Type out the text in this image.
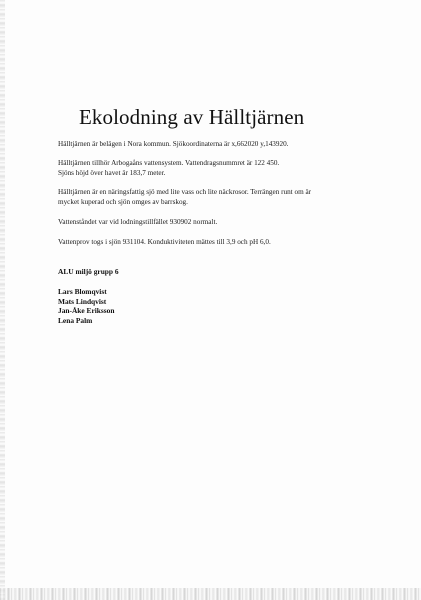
Ekolodning av Hälltjärnen
Hälltjärnen är belägen i Nora kommun. Sjökoordinaterna är x,662020 y,143920.
Hälltjärnen tillhör Arbogaåns vattensystem. Vattendragsnummret är 122 450.
Sjöns höjd över havet är 183,7 meter.
Hälltjärnen är en näringsfattig sjö med lite vass och lite näckrosor. Terrängen runt om är
mycket kuperad och sjön omges av barrskog.
Vattenståndet var vid lodningstillfället 930902 normalt.
Vattenprov togs i sjön 931104. Konduktiviteten mättes till 3,9 och pH 6,0.
ALU miljö grupp 6
Lars Blomqvist
Mats Lindqvist
Jan-Åke Eriksson
Lena Palm
